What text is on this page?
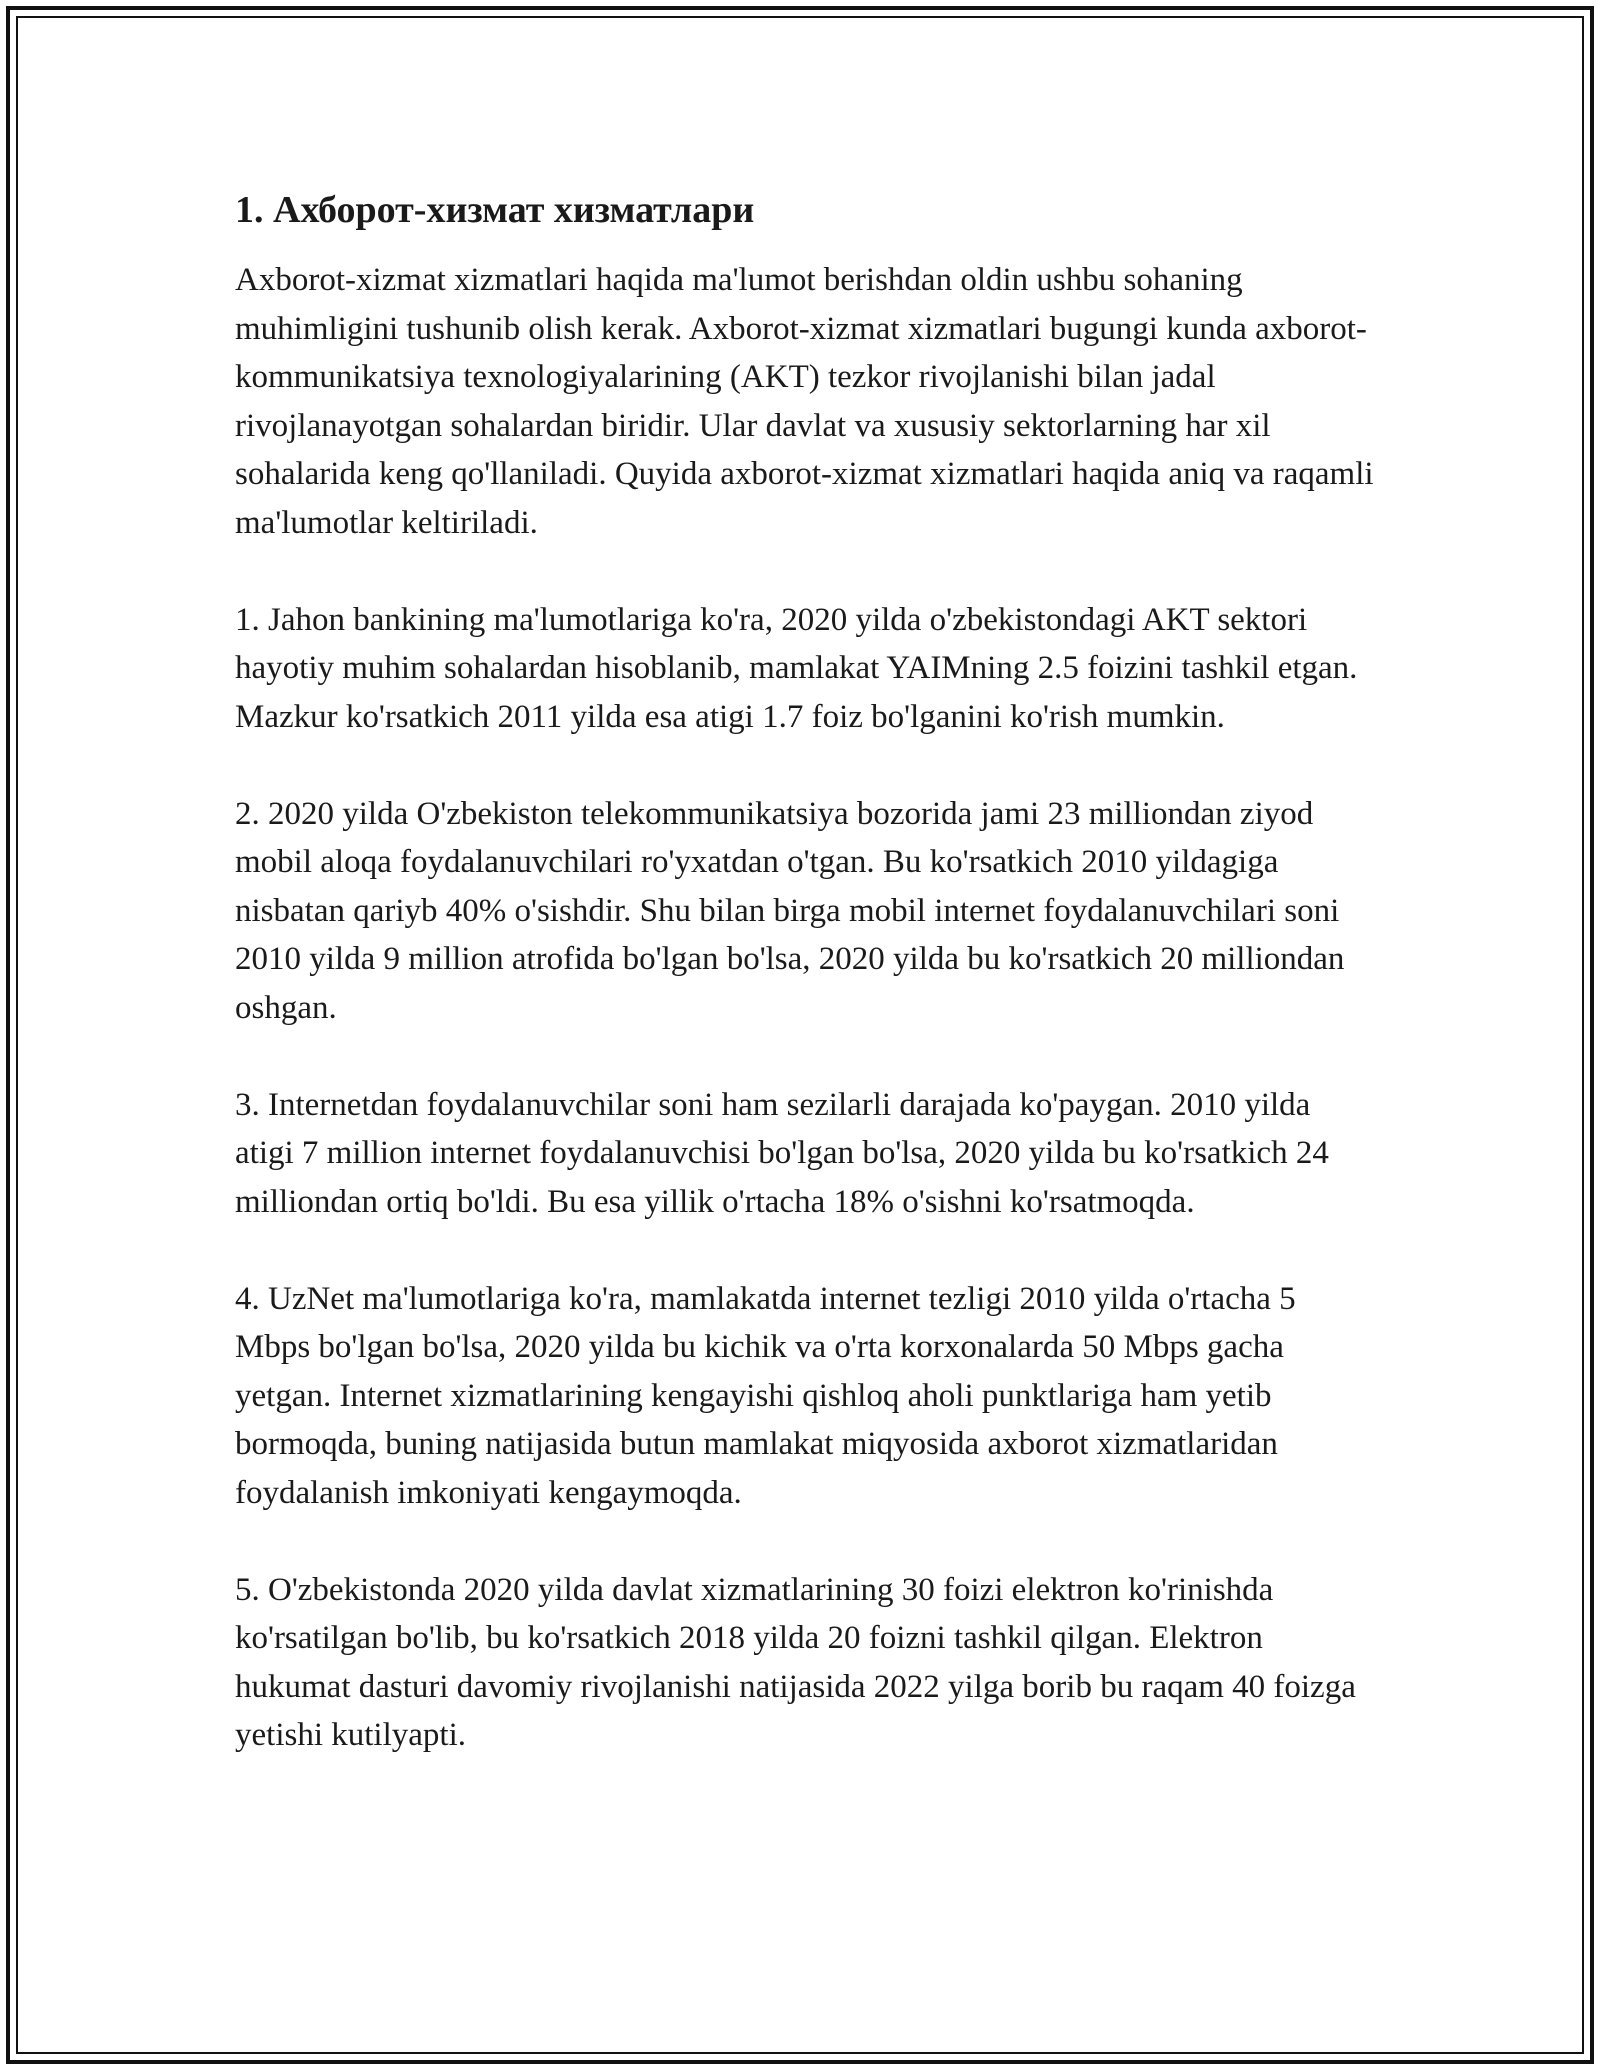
1. Ахборот-хизмат хизматлари

Axborot-xizmat xizmatlari haqida ma'lumot berishdan oldin ushbu sohaning muhimligini tushunib olish kerak. Axborot-xizmat xizmatlari bugungi kunda axborot-kommunikatsiya texnologiyalarining (AKT) tezkor rivojlanishi bilan jadal rivojlanayotgan sohalardan biridir. Ular davlat va xususiy sektorlarning har xil sohalarida keng qo'llaniladi. Quyida axborot-xizmat xizmatlari haqida aniq va raqamli ma'lumotlar keltiriladi.

1. Jahon bankining ma'lumotlariga ko'ra, 2020 yilda o'zbekistondagi AKT sektori hayotiy muhim sohalardan hisoblanib, mamlakat YAIMning 2.5 foizini tashkil etgan. Mazkur ko'rsatkich 2011 yilda esa atigi 1.7 foiz bo'lganini ko'rish mumkin.

2. 2020 yilda O'zbekiston telekommunikatsiya bozorida jami 23 milliondan ziyod mobil aloqa foydalanuvchilari ro'yxatdan o'tgan. Bu ko'rsatkich 2010 yildagiga nisbatan qariyb 40% o'sishdir. Shu bilan birga mobil internet foydalanuvchilari soni 2010 yilda 9 million atrofida bo'lgan bo'lsa, 2020 yilda bu ko'rsatkich 20 milliondan oshgan.

3. Internetdan foydalanuvchilar soni ham sezilarli darajada ko'paygan. 2010 yilda atigi 7 million internet foydalanuvchisi bo'lgan bo'lsa, 2020 yilda bu ko'rsatkich 24 milliondan ortiq bo'ldi. Bu esa yillik o'rtacha 18% o'sishni ko'rsatmoqda.

4. UzNet ma'lumotlariga ko'ra, mamlakatda internet tezligi 2010 yilda o'rtacha 5 Mbps bo'lgan bo'lsa, 2020 yilda bu kichik va o'rta korxonalarda 50 Mbps gacha yetgan. Internet xizmatlarining kengayishi qishloq aholi punktlariga ham yetib bormoqda, buning natijasida butun mamlakat miqyosida axborot xizmatlaridan foydalanish imkoniyati kengaymoqda.

5. O'zbekistonda 2020 yilda davlat xizmatlarining 30 foizi elektron ko'rinishda ko'rsatilgan bo'lib, bu ko'rsatkich 2018 yilda 20 foizni tashkil qilgan. Elektron hukumat dasturi davomiy rivojlanishi natijasida 2022 yilga borib bu raqam 40 foizga yetishi kutilyapti.
